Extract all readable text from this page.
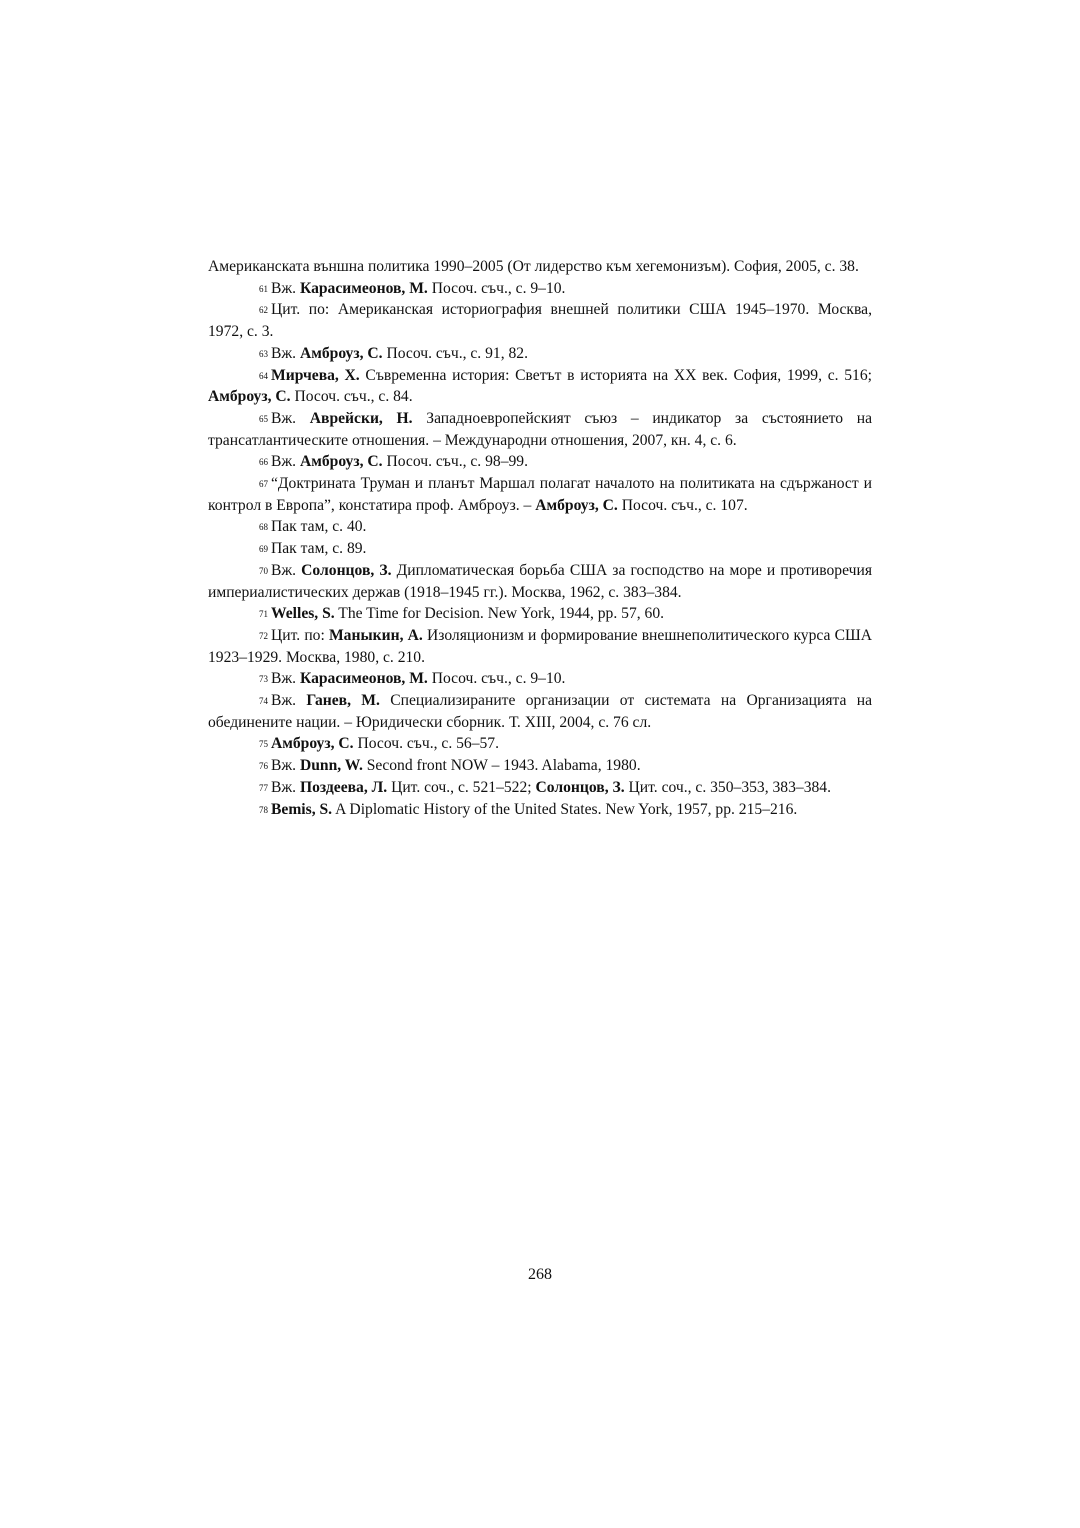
Американската външна политика 1990–2005 (От лидерство към хегемонизъм). София, 2005, с. 38.

$^{61}$ Вж. Карасимеонов, М. Посоч. съч., с. 9–10.

$^{62}$ Цит. по: Американская историография внешней политики США 1945–1970. Москва, 1972, с. 3.

$^{63}$ Вж. Амброуз, С. Посоч. съч., с. 91, 82.

$^{64}$ Мирчева, Х. Съвременна история: Светът в историята на ХХ век. София, 1999, с. 516; Амброуз, С. Посоч. съч., с. 84.

$^{65}$ Вж. Аврейски, Н. Западноевропейският съюз – индикатор за състоянието на трансатлантическите отношения. – Международни отношения, 2007, кн. 4, с. 6.

$^{66}$ Вж. Амброуз, С. Посоч. съч., с. 98–99.

$^{67}$ “Доктрината Труман и планът Маршал полагат началото на политиката на сдържаност и контрол в Европа”, констатира проф. Амброуз. – Амброуз, С. Посоч. съч., с. 107.

$^{68}$ Пак там, с. 40.

$^{69}$ Пак там, с. 89.

$^{70}$ Вж. Солонцов, З. Дипломатическая борьба США за господство на море и противоречия империалистических держав (1918–1945 гг.). Москва, 1962, с. 383–384.

$^{71}$ Welles, S. The Time for Decision. New York, 1944, pp. 57, 60.

$^{72}$ Цит. по: Маныкин, А. Изоляционизм и формирование внешнеполитического курса США 1923–1929. Москва, 1980, с. 210.

$^{73}$ Вж. Карасимеонов, М. Посоч. съч., с. 9–10.

$^{74}$ Вж. Ганев, М. Специализираните организации от системата на Организацията на обединените нации. – Юридически сборник. Т. ХIII, 2004, с. 76 сл.

$^{75}$ Амброуз, С. Посоч. съч., с. 56–57.

$^{76}$ Вж. Dunn, W. Second front NOW – 1943. Alabama, 1980.

$^{77}$ Вж. Поздеева, Л. Цит. соч., с. 521–522; Солонцов, З. Цит. соч., с. 350–353, 383–384.

$^{78}$ Bemis, S. A Diplomatic History of the United States. New York, 1957, pp. 215–216.

268
